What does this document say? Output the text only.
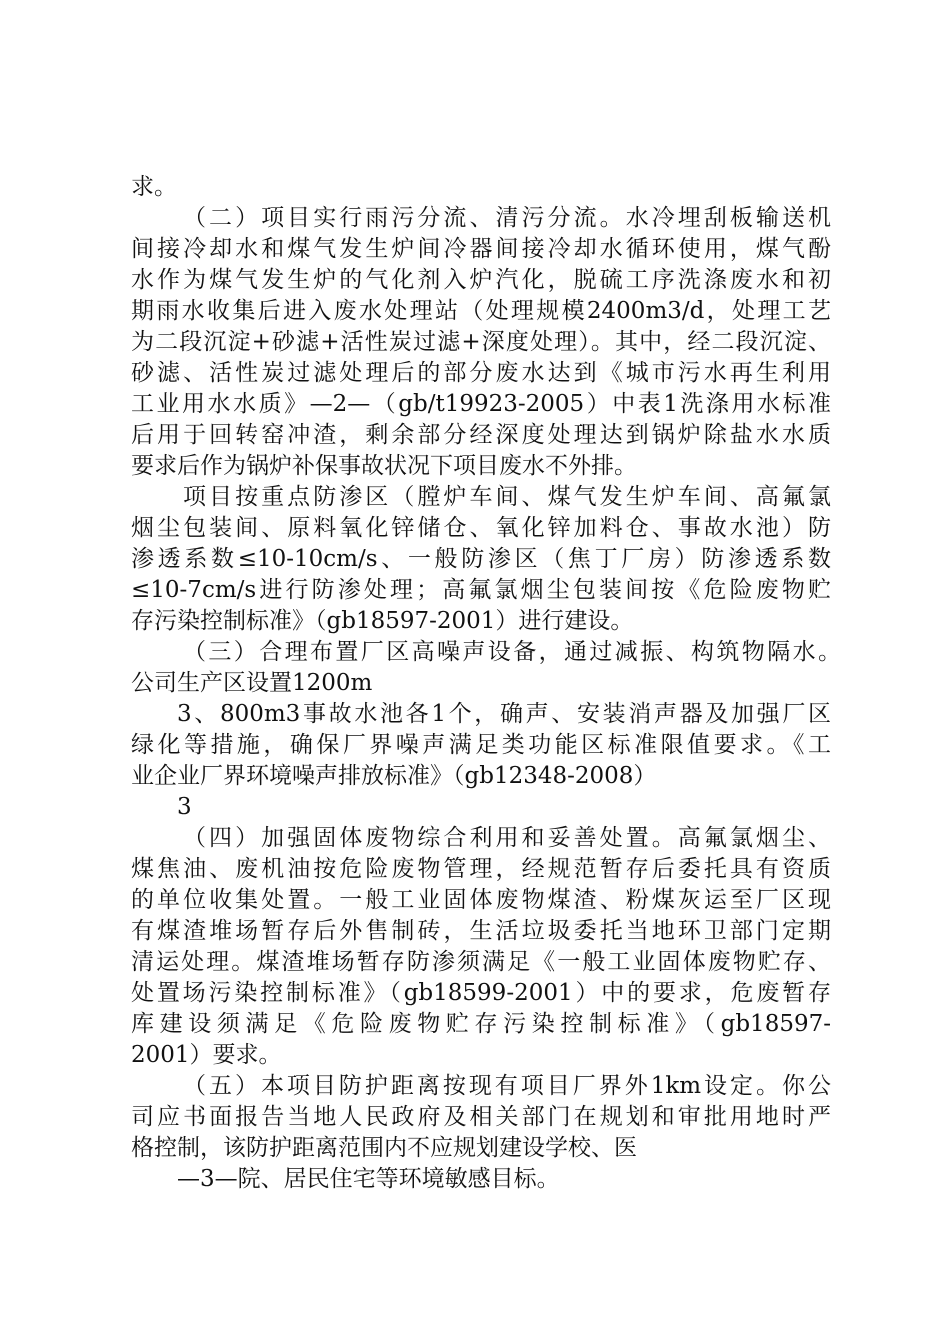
求。
（二）项目实行雨污分流、清污分流。水冷埋刮板输送机
间接冷却水和煤气发生炉间冷器间接冷却水循环使用，煤气酚
水作为煤气发生炉的气化剂入炉汽化，脱硫工序洗涤废水和初
期雨水收集后进入废水处理站（处理规模2400m3/d，处理工艺
为二段沉淀+砂滤+活性炭过滤+深度处理）。其中，经二段沉淀、
砂滤、活性炭过滤处理后的部分废水达到《城市污水再生利用
工业用水水质》—2—（gb/t19923-2005）中表1洗涤用水标准
后用于回转窑冲渣，剩余部分经深度处理达到锅炉除盐水水质
要求后作为锅炉补保事故状况下项目废水不外排。
项目按重点防渗区（膛炉车间、煤气发生炉车间、高氟氯
烟尘包装间、原料氧化锌储仓、氧化锌加料仓、事故水池）防
渗透系数≤10-10cm/s、一般防渗区（焦丁厂房）防渗透系数
≤10-7cm/s进行防渗处理；高氟氯烟尘包装间按《危险废物贮
存污染控制标准》（gb18597-2001）进行建设。
（三）合理布置厂区高噪声设备，通过减振、构筑物隔水。
公司生产区设置1200m
3、800m3事故水池各1个，确声、安装消声器及加强厂区
绿化等措施，确保厂界噪声满足类功能区标准限值要求。《工
业企业厂界环境噪声排放标准》（gb12348-2008）
3
（四）加强固体废物综合利用和妥善处置。高氟氯烟尘、
煤焦油、废机油按危险废物管理，经规范暂存后委托具有资质
的单位收集处置。一般工业固体废物煤渣、粉煤灰运至厂区现
有煤渣堆场暂存后外售制砖，生活垃圾委托当地环卫部门定期
清运处理。煤渣堆场暂存防渗须满足《一般工业固体废物贮存、
处置场污染控制标准》（gb18599-2001）中的要求，危废暂存
库建设须满足《危险废物贮存污染控制标准》（gb18597-
2001）要求。
（五）本项目防护距离按现有项目厂界外1km设定。你公
司应书面报告当地人民政府及相关部门在规划和审批用地时严
格控制，该防护距离范围内不应规划建设学校、医
—3—院、居民住宅等环境敏感目标。
